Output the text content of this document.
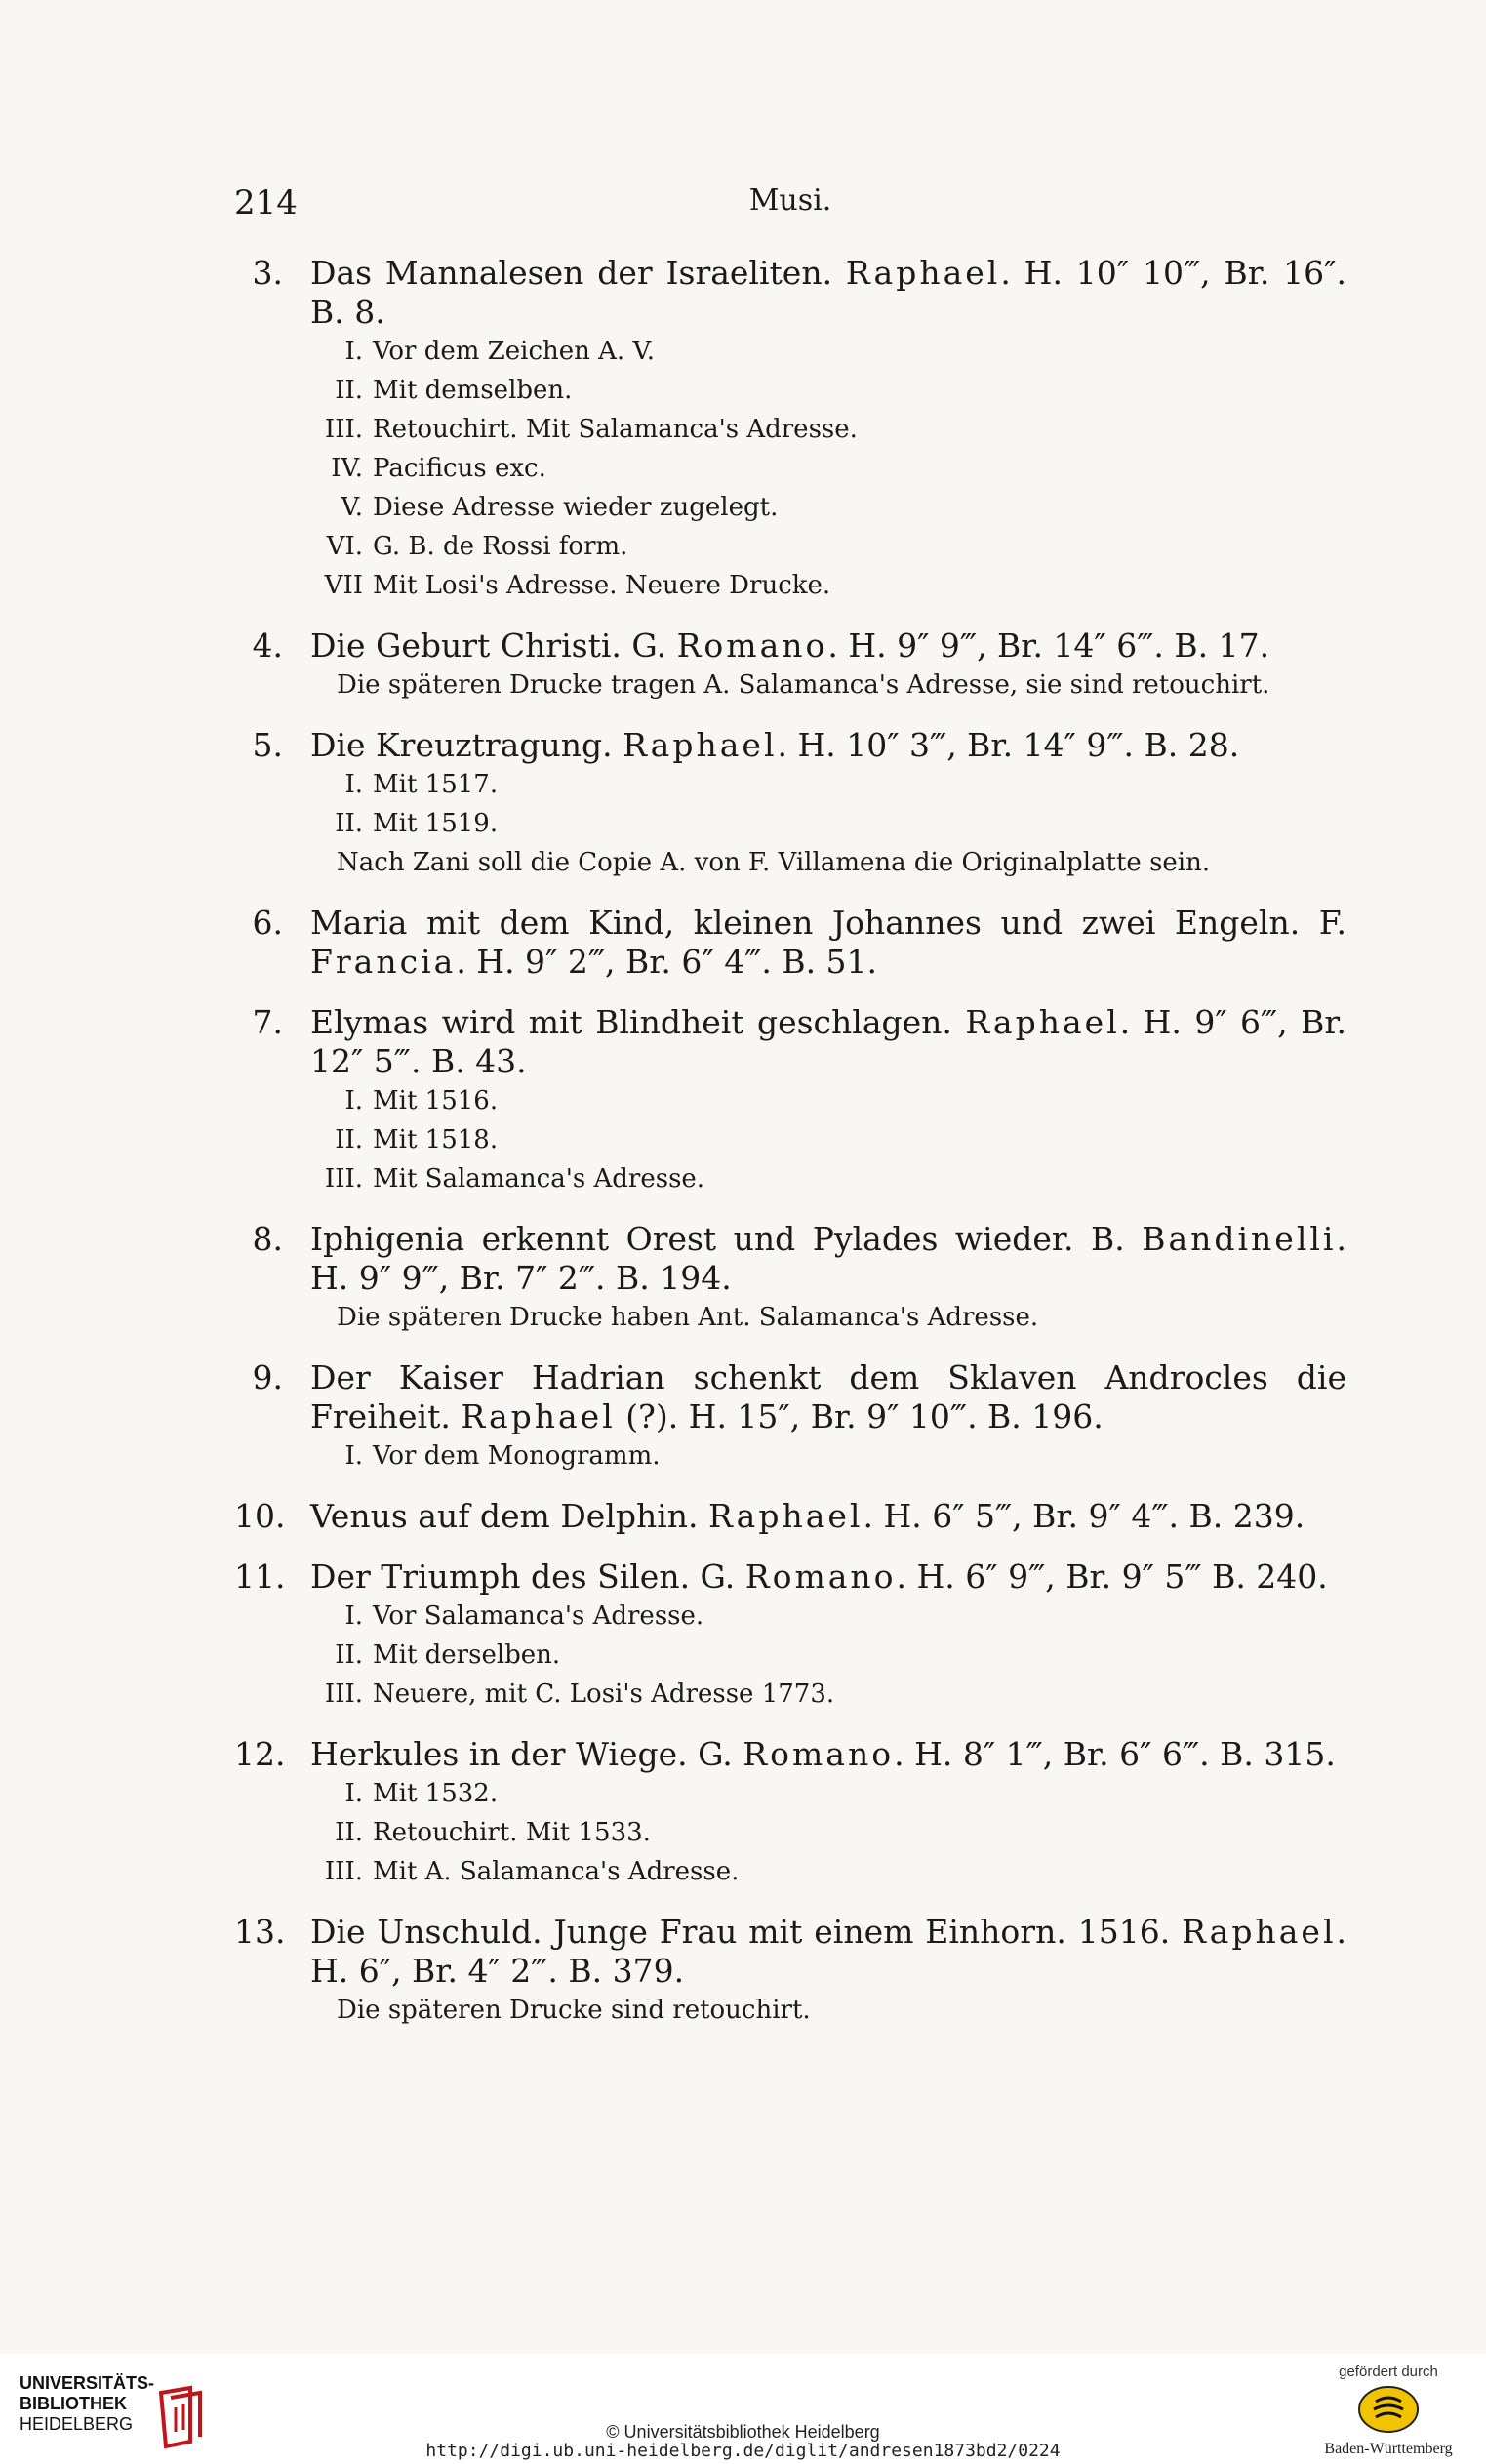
214	Musi.
3. Das Mannalesen der Israeliten. Raphael. H. 10″ 10‴, Br. 16″. B. 8.
I. Vor dem Zeichen A. V.
II. Mit demselben.
III. Retouchirt. Mit Salamanca's Adresse.
IV. Pacificus exc.
V. Diese Adresse wieder zugelegt.
VI. G. B. de Rossi form.
VII Mit Losi's Adresse. Neuere Drucke.
4. Die Geburt Christi. G. Romano. H. 9″ 9‴, Br. 14″ 6‴. B. 17.
Die späteren Drucke tragen A. Salamanca's Adresse, sie sind retouchirt.
5. Die Kreuztragung. Raphael. H. 10″ 3‴, Br. 14″ 9‴. B. 28.
I. Mit 1517.
II. Mit 1519.
Nach Zani soll die Copie A. von F. Villamena die Originalplatte sein.
6. Maria mit dem Kind, kleinen Johannes und zwei Engeln. F. Francia. H. 9″ 2‴, Br. 6″ 4‴. B. 51.
7. Elymas wird mit Blindheit geschlagen. Raphael. H. 9″ 6‴, Br. 12″ 5‴. B. 43.
I. Mit 1516.
II. Mit 1518.
III. Mit Salamanca's Adresse.
8. Iphigenia erkennt Orest und Pylades wieder. B. Bandinelli. H. 9″ 9‴, Br. 7″ 2‴. B. 194.
Die späteren Drucke haben Ant. Salamanca's Adresse.
9. Der Kaiser Hadrian schenkt dem Sklaven Androcles die Freiheit. Raphael (?). H. 15″, Br. 9″ 10‴. B. 196.
I. Vor dem Monogramm.
10. Venus auf dem Delphin. Raphael. H. 6″ 5‴, Br. 9″ 4‴. B. 239.
11. Der Triumph des Silen. G. Romano. H. 6″ 9‴, Br. 9″ 5‴ B. 240.
I. Vor Salamanca's Adresse.
II. Mit derselben.
III. Neuere, mit C. Losi's Adresse 1773.
12. Herkules in der Wiege. G. Romano. H. 8″ 1‴, Br. 6″ 6‴. B. 315.
I. Mit 1532.
II. Retouchirt. Mit 1533.
III. Mit A. Salamanca's Adresse.
13. Die Unschuld. Junge Frau mit einem Einhorn. 1516. Raphael. H. 6″, Br. 4″ 2‴. B. 379.
Die späteren Drucke sind retouchirt.
UNIVERSITÄTS-
BIBLIOTHEK
HEIDELBERG	© Universitätsbibliothek Heidelberg
http://digi.ub.uni-heidelberg.de/diglit/andresen1873bd2/0224
gefördert durch
Baden-Württemberg
